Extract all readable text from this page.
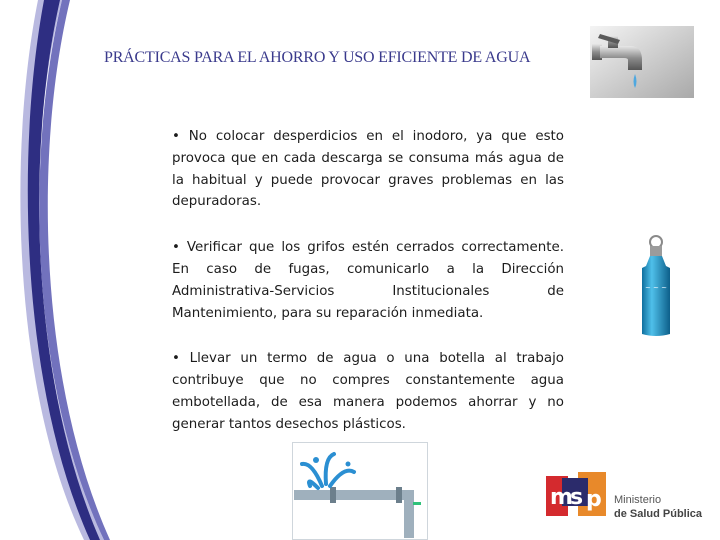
PRÁCTICAS PARA EL AHORRO Y USO EFICIENTE DE AGUA

• No colocar desperdicios en el inodoro, ya que esto provoca que en cada descarga se consuma más agua de la habitual y puede provocar graves problemas en las depuradoras.

• Verificar que los grifos estén cerrados correctamente. En caso de fugas, comunicarlo a la Dirección Administrativa-Servicios Institucionales de Mantenimiento, para su reparación inmediata.

• Llevar un termo de agua o una botella al trabajo contribuye que no compres constantemente agua embotellada, de esa manera podemos ahorrar y no generar tantos desechos plásticos.

~ ~ ~
m
s p Ministerio
de Salud Pública
